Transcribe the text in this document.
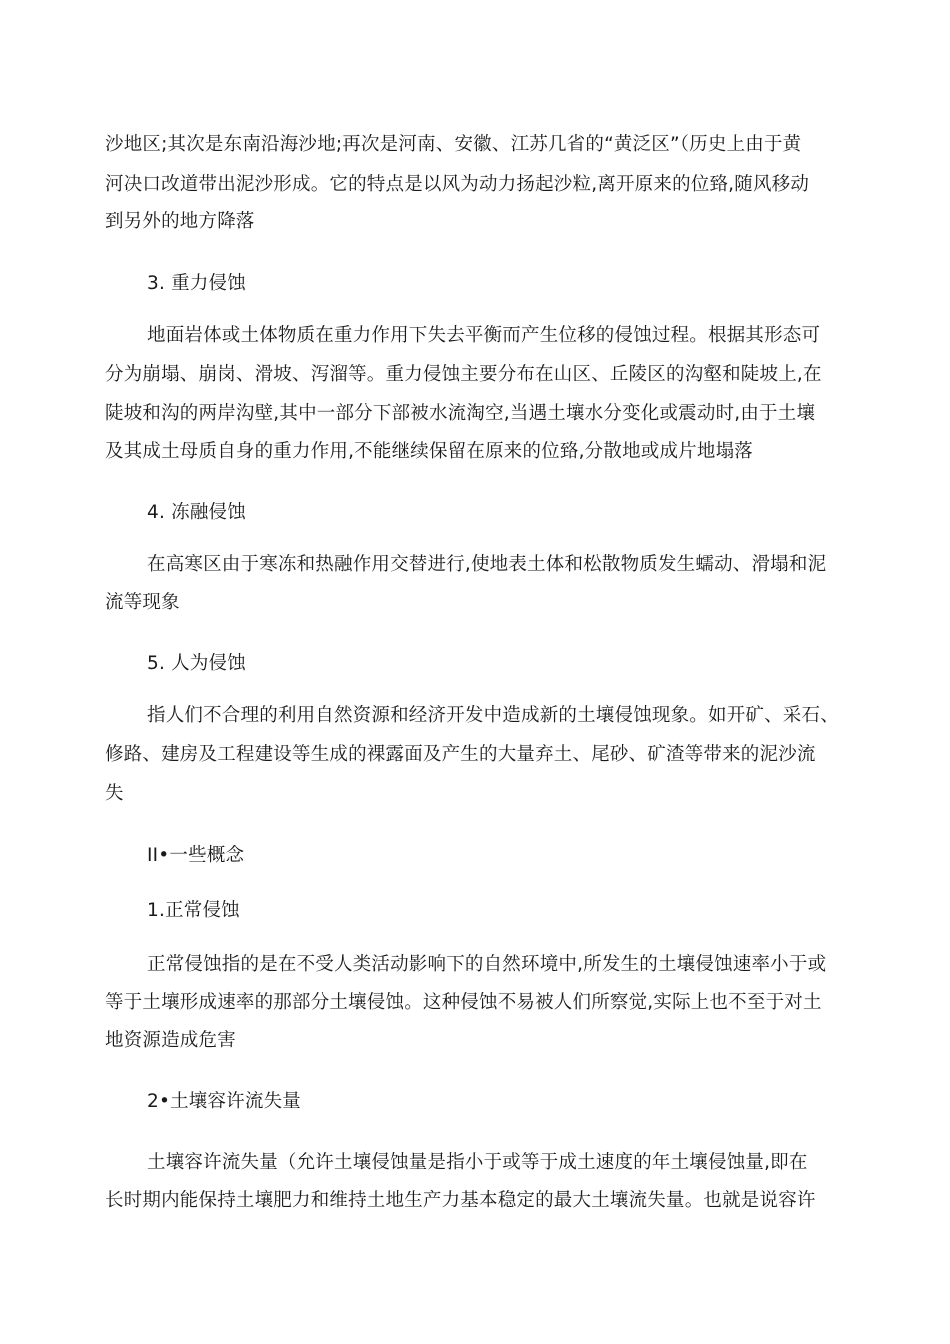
沙地区;其次是东南沿海沙地;再次是河南、安徽、江苏几省的“黄泛区”（历史上由于黄

河决口改道带出泥沙形成。它的特点是以风为动力扬起沙粒,离开原来的位臵,随风移动

到另外的地方降落

3. 重力侵蚀

地面岩体或土体物质在重力作用下失去平衡而产生位移的侵蚀过程。根据其形态可

分为崩塌、崩岗、滑坡、泻溜等。重力侵蚀主要分布在山区、丘陵区的沟壑和陡坡上,在

陡坡和沟的两岸沟壁,其中一部分下部被水流淘空,当遇土壤水分变化或震动时,由于土壤

及其成土母质自身的重力作用,不能继续保留在原来的位臵,分散地或成片地塌落

4. 冻融侵蚀

在高寒区由于寒冻和热融作用交替进行,使地表土体和松散物质发生蠕动、滑塌和泥

流等现象

5. 人为侵蚀

指人们不合理的利用自然资源和经济开发中造成新的土壤侵蚀现象。如开矿、采石、

修路、建房及工程建设等生成的裸露面及产生的大量弃土、尾砂、矿渣等带来的泥沙流

失

II•一些概念

1.正常侵蚀

正常侵蚀指的是在不受人类活动影响下的自然环境中,所发生的土壤侵蚀速率小于或

等于土壤形成速率的那部分土壤侵蚀。这种侵蚀不易被人们所察觉,实际上也不至于对土

地资源造成危害

2•土壤容许流失量

土壤容许流失量（允许土壤侵蚀量是指小于或等于成土速度的年土壤侵蚀量,即在

长时期内能保持土壤肥力和维持土地生产力基本稳定的最大土壤流失量。也就是说容许
